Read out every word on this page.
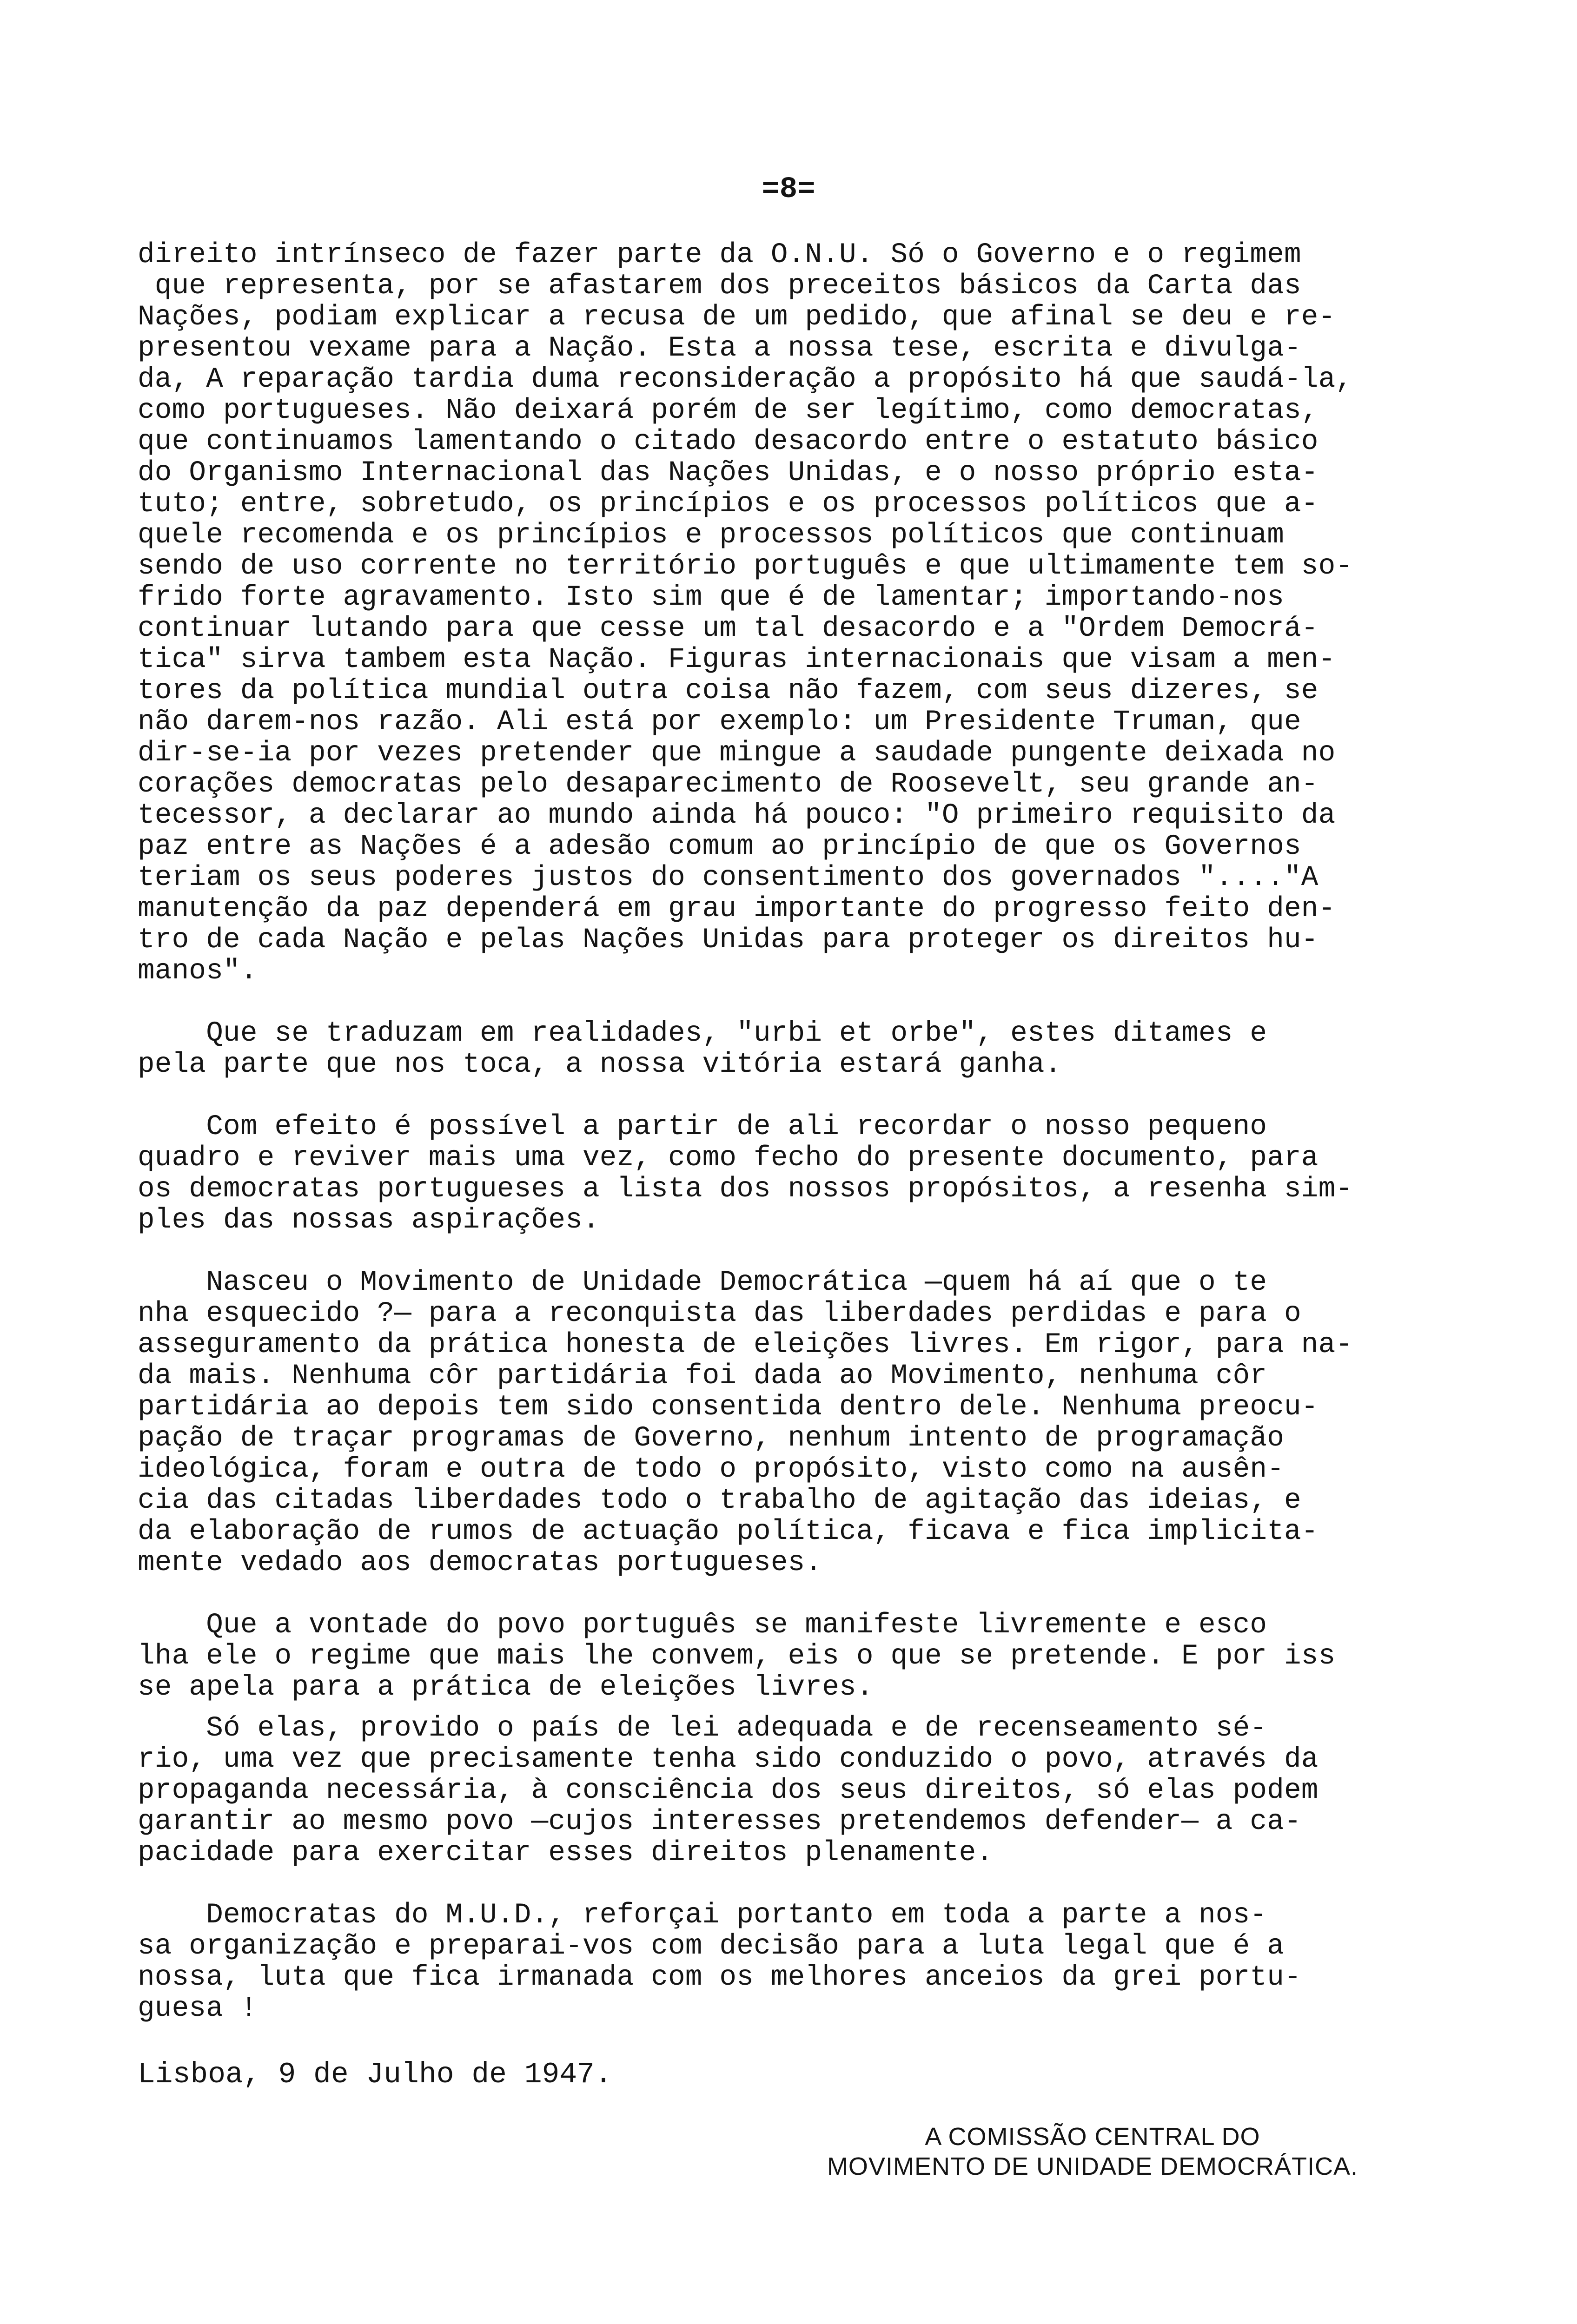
=8=
direito intrínseco de fazer parte da O.N.U. Só o Governo e o regimem
que representa, por se afastarem dos preceitos básicos da Carta das
Nações, podiam explicar a recusa de um pedido, que afinal se deu e re-
presentou vexame para a Nação. Esta a nossa tese, escrita e divulga-
da, A reparação tardia duma reconsideração a propósito há que saudá-la,
como portugueses. Não deixará porém de ser legítimo, como democratas,
que continuamos lamentando o citado desacordo entre o estatuto básico
do Organismo Internacional das Nações Unidas, e o nosso próprio esta-
tuto; entre, sobretudo, os princípios e os processos políticos que a-
quele recomenda e os princípios e processos políticos que continuam
sendo de uso corrente no território português e que ultimamente tem so-
frido forte agravamento. Isto sim que é de lamentar; importando-nos
continuar lutando para que cesse um tal desacordo e a "Ordem Democrá-
tica" sirva tambem esta Nação. Figuras internacionais que visam a men-
tores da política mundial outra coisa não fazem, com seus dizeres, se
não darem-nos razão. Ali está por exemplo: um Presidente Truman, que
dir-se-ia por vezes pretender que mingue a saudade pungente deixada no
corações democratas pelo desaparecimento de Roosevelt, seu grande an-
tecessor, a declarar ao mundo ainda há pouco: "O primeiro requisito da
paz entre as Nações é a adesão comum ao princípio de que os Governos
teriam os seus poderes justos do consentimento dos governados "...."A
manutenção da paz dependerá em grau importante do progresso feito den-
tro de cada Nação e pelas Nações Unidas para proteger os direitos hu-
manos".
Que se traduzam em realidades, "urbi et orbe", estes ditames e
pela parte que nos toca, a nossa vitória estará ganha.
Com efeito é possível a partir de ali recordar o nosso pequeno
quadro e reviver mais uma vez, como fecho do presente documento, para
os democratas portugueses a lista dos nossos propósitos, a resenha sim-
ples das nossas aspirações.
Nasceu o Movimento de Unidade Democrática —quem há aí que o te
nha esquecido ?— para a reconquista das liberdades perdidas e para o
asseguramento da prática honesta de eleições livres. Em rigor, para na-
da mais. Nenhuma côr partidária foi dada ao Movimento, nenhuma côr
partidária ao depois tem sido consentida dentro dele. Nenhuma preocu-
pação de traçar programas de Governo, nenhum intento de programação
ideológica, foram e outra de todo o propósito, visto como na ausên-
cia das citadas liberdades todo o trabalho de agitação das ideias, e
da elaboração de rumos de actuação política, ficava e fica implicita-
mente vedado aos democratas portugueses.
Que a vontade do povo português se manifeste livremente e esco
lha ele o regime que mais lhe convem, eis o que se pretende. E por iss
se apela para a prática de eleições livres.
Só elas, provido o país de lei adequada e de recenseamento sé-
rio, uma vez que precisamente tenha sido conduzido o povo, através da
propaganda necessária, à consciência dos seus direitos, só elas podem
garantir ao mesmo povo —cujos interesses pretendemos defender— a ca-
pacidade para exercitar esses direitos plenamente.
Democratas do M.U.D., reforçai portanto em toda a parte a nos-
sa organização e preparai-vos com decisão para a luta legal que é a
nossa, luta que fica irmanada com os melhores anceios da grei portu-
guesa !
Lisboa, 9 de Julho de 1947.
A COMISSÃO CENTRAL DO
MOVIMENTO DE UNIDADE DEMOCRÁTICA.
